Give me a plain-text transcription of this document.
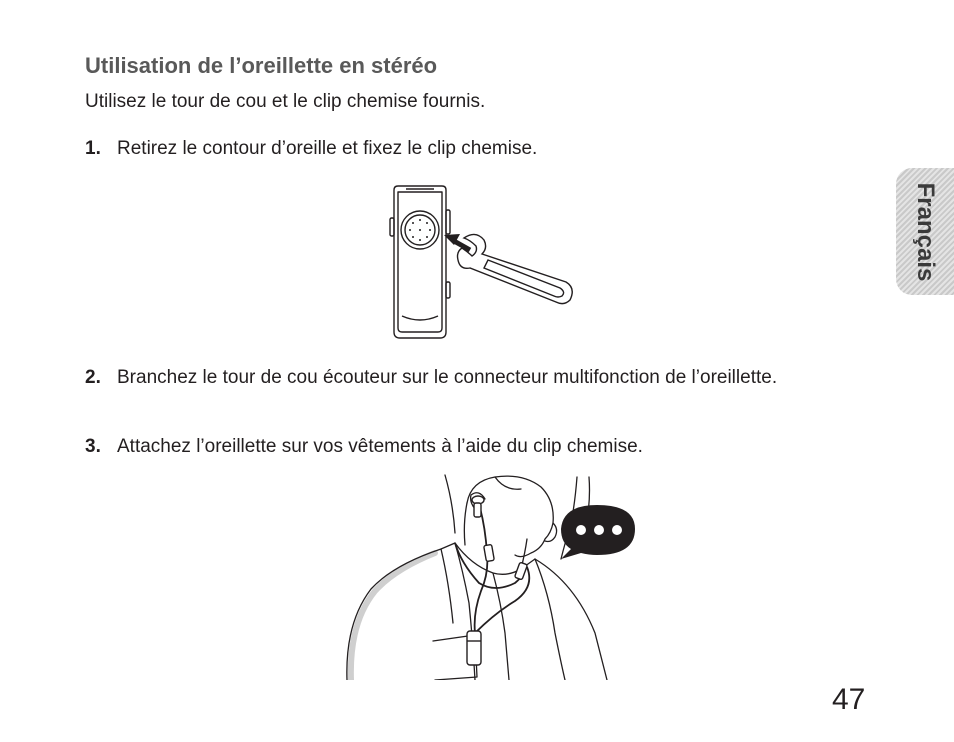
Utilisation de l’oreillette en stéréo

Utilisez le tour de cou et le clip chemise fournis.

1. Retirez le contour d’oreille et fixez le clip chemise.
2. Branchez le tour de cou écouteur sur le connecteur multifonction de l’oreillette.
3. Attachez l’oreillette sur vos vêtements à l’aide du clip chemise.
Français
47
